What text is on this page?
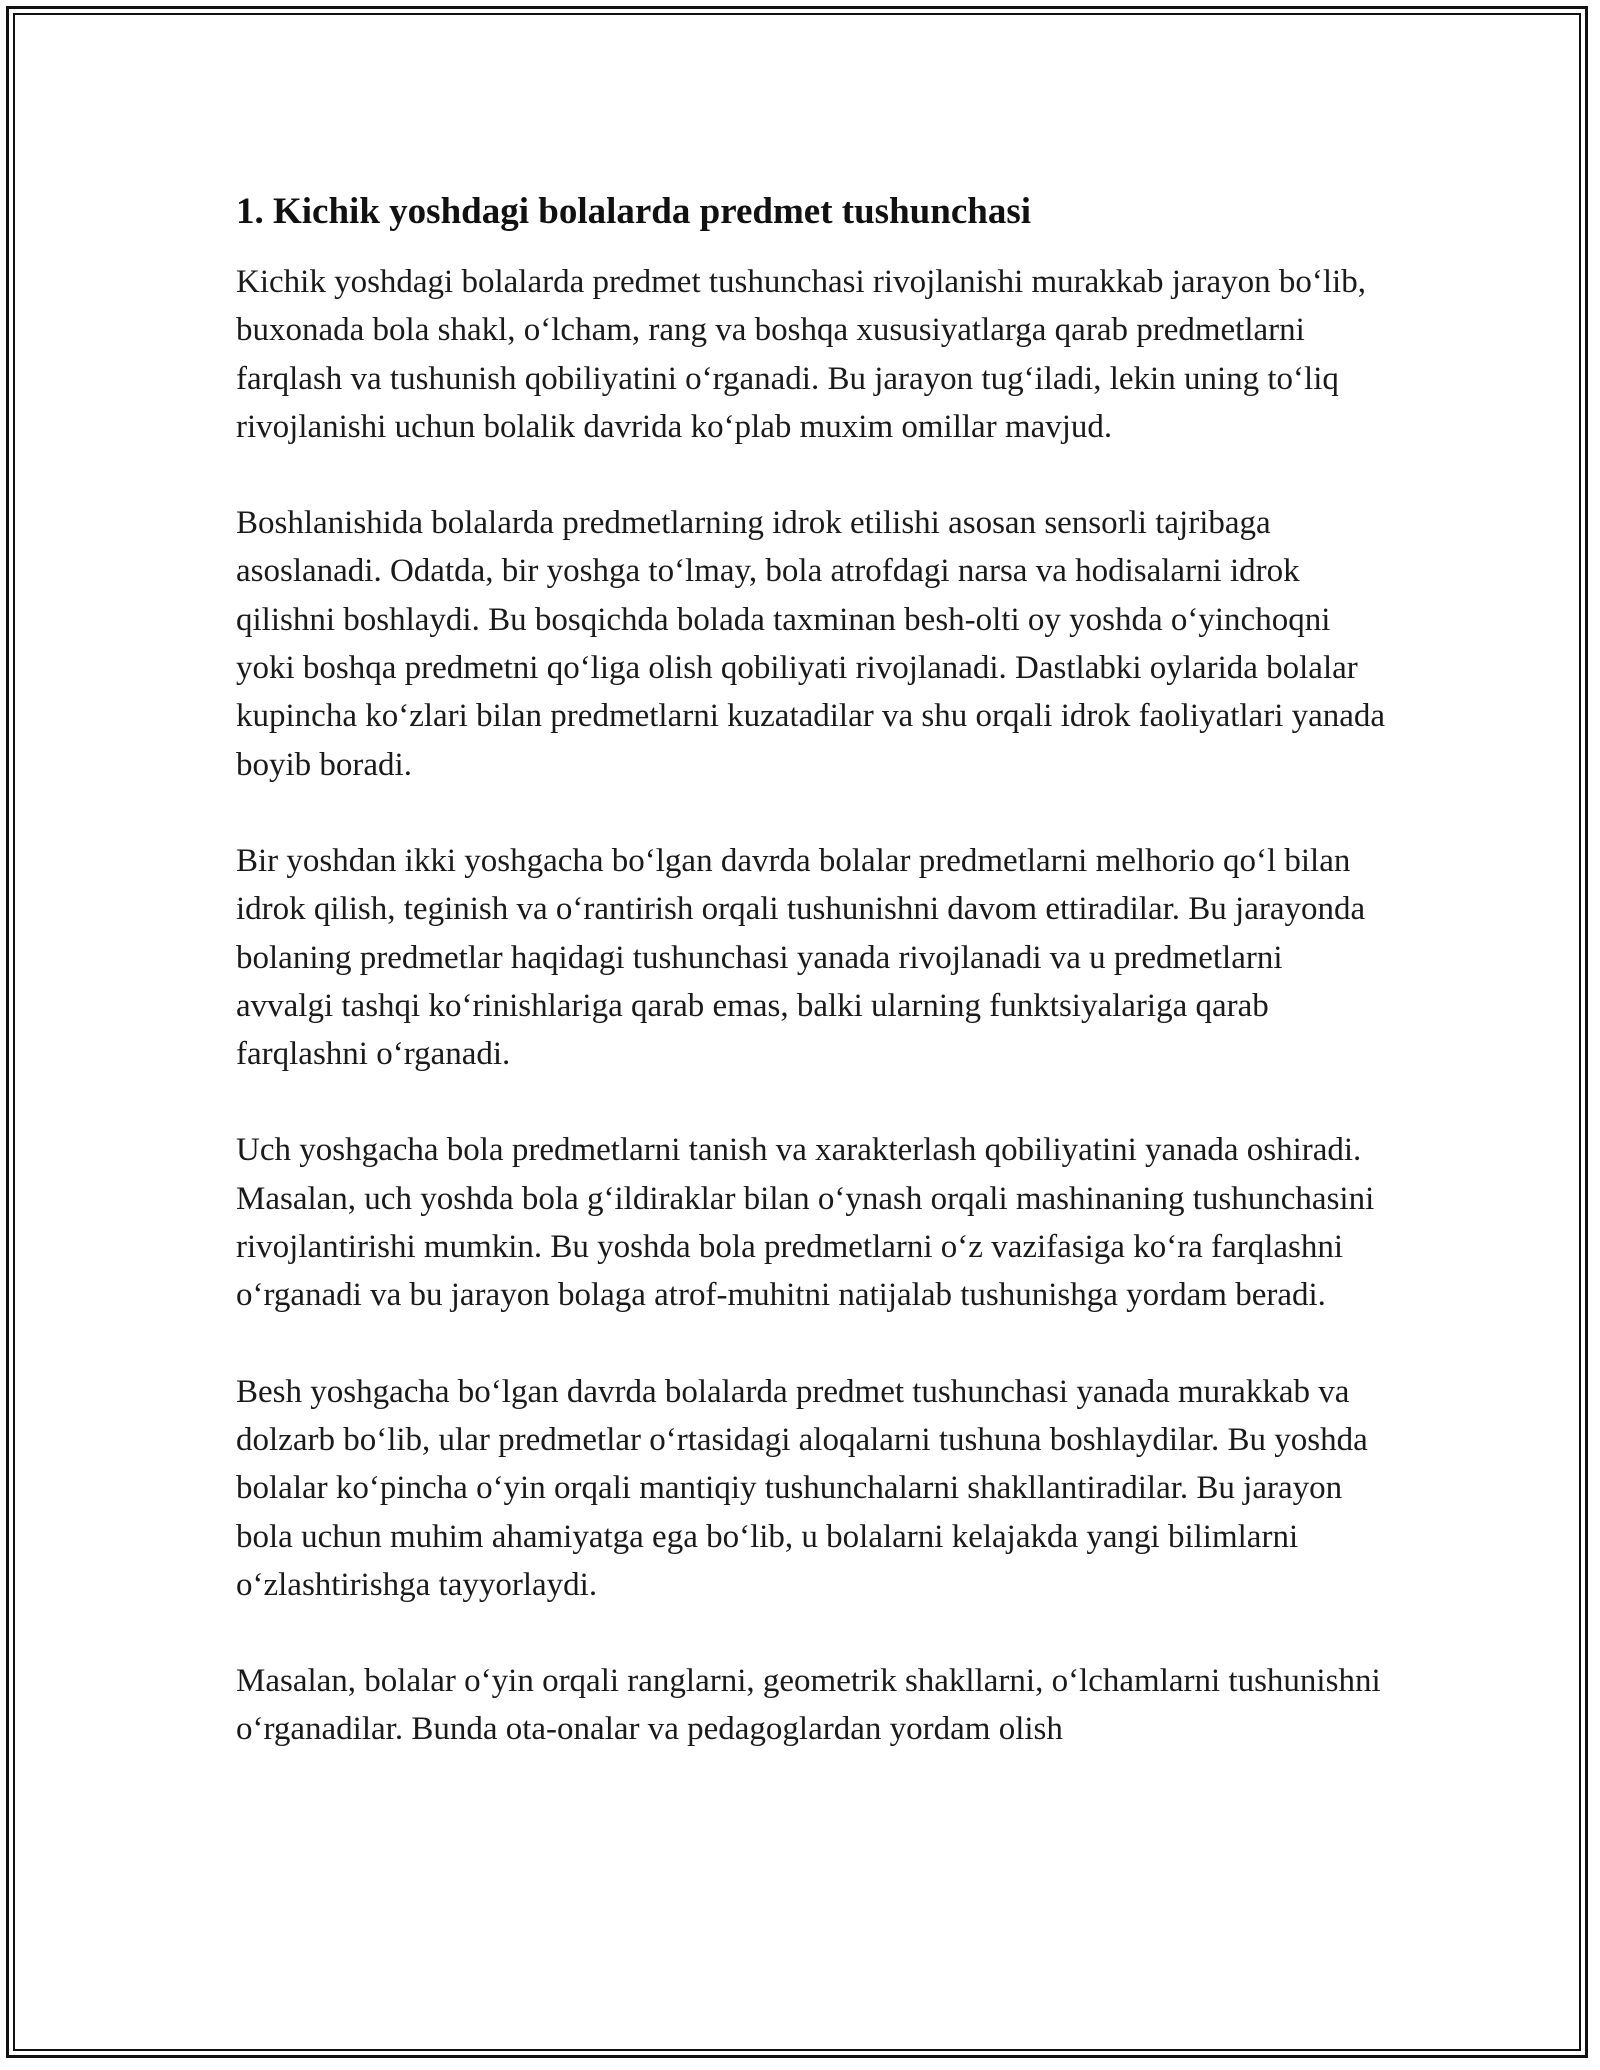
1. Kichik yoshdagi bolalarda predmet tushunchasi

Kichik yoshdagi bolalarda predmet tushunchasi rivojlanishi murakkab jarayon bo‘lib, buxonada bola shakl, o‘lcham, rang va boshqa xususiyatlarga qarab predmetlarni farqlash va tushunish qobiliyatini o‘rganadi. Bu jarayon tug‘iladi, lekin uning to‘liq rivojlanishi uchun bolalik davrida ko‘plab muxim omillar mavjud.

Boshlanishida bolalarda predmetlarning idrok etilishi asosan sensorli tajribaga asoslanadi. Odatda, bir yoshga to‘lmay, bola atrofdagi narsa va hodisalarni idrok qilishni boshlaydi. Bu bosqichda bolada taxminan besh-olti oy yoshda o‘yinchoqni yoki boshqa predmetni qo‘liga olish qobiliyati rivojlanadi. Dastlabki oylarida bolalar kupincha ko‘zlari bilan predmetlarni kuzatadilar va shu orqali idrok faoliyatlari yanada boyib boradi.

Bir yoshdan ikki yoshgacha bo‘lgan davrda bolalar predmetlarni melhorio qo‘l bilan idrok qilish, teginish va o‘rantirish orqali tushunishni davom ettiradilar. Bu jarayonda bolaning predmetlar haqidagi tushunchasi yanada rivojlanadi va u predmetlarni avvalgi tashqi ko‘rinishlariga qarab emas, balki ularning funktsiyalariga qarab farqlashni o‘rganadi.

Uch yoshgacha bola predmetlarni tanish va xarakterlash qobiliyatini yanada oshiradi. Masalan, uch yoshda bola g‘ildiraklar bilan o‘ynash orqali mashinaning tushunchasini rivojlantirishi mumkin. Bu yoshda bola predmetlarni o‘z vazifasiga ko‘ra farqlashni o‘rganadi va bu jarayon bolaga atrof-muhitni natijalab tushunishga yordam beradi.

Besh yoshgacha bo‘lgan davrda bolalarda predmet tushunchasi yanada murakkab va dolzarb bo‘lib, ular predmetlar o‘rtasidagi aloqalarni tushuna boshlaydilar. Bu yoshda bolalar ko‘pincha o‘yin orqali mantiqiy tushunchalarni shakllantiradilar. Bu jarayon bola uchun muhim ahamiyatga ega bo‘lib, u bolalarni kelajakda yangi bilimlarni o‘zlashtirishga tayyorlaydi.

Masalan, bolalar o‘yin orqali ranglarni, geometrik shakllarni, o‘lchamlarni tushunishni o‘rganadilar. Bunda ota-onalar va pedagoglardan yordam olish
